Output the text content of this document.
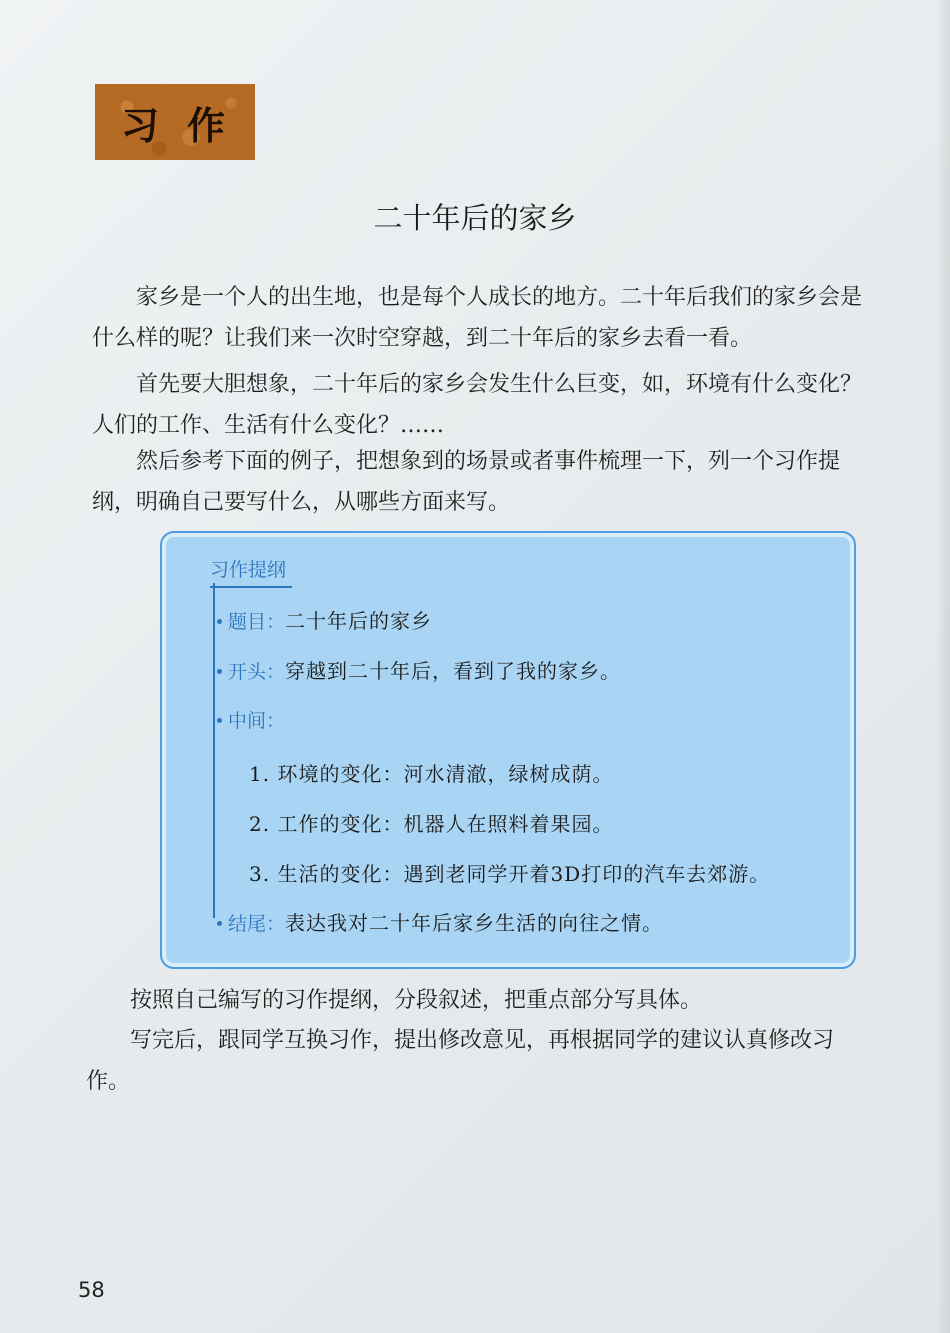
习作
二十年后的家乡

家乡是一个人的出生地，也是每个人成长的地方。二十年后我们的家乡会是什么样的呢？让我们来一次时空穿越，到二十年后的家乡去看一看。

首先要大胆想象，二十年后的家乡会发生什么巨变，如，环境有什么变化？人们的工作、生活有什么变化？……

然后参考下面的例子，把想象到的场景或者事件梳理一下，列一个习作提纲，明确自己要写什么，从哪些方面来写。

习作提纲
题目： 二十年后的家乡
开头： 穿越到二十年后，看到了我的家乡。
中间：
1. 环境的变化：河水清澈，绿树成荫。
2. 工作的变化：机器人在照料着果园。
3. 生活的变化：遇到老同学开着3D打印的汽车去郊游。
结尾： 表达我对二十年后家乡生活的向往之情。

按照自己编写的习作提纲，分段叙述，把重点部分写具体。

写完后，跟同学互换习作，提出修改意见，再根据同学的建议认真修改习作。

58
